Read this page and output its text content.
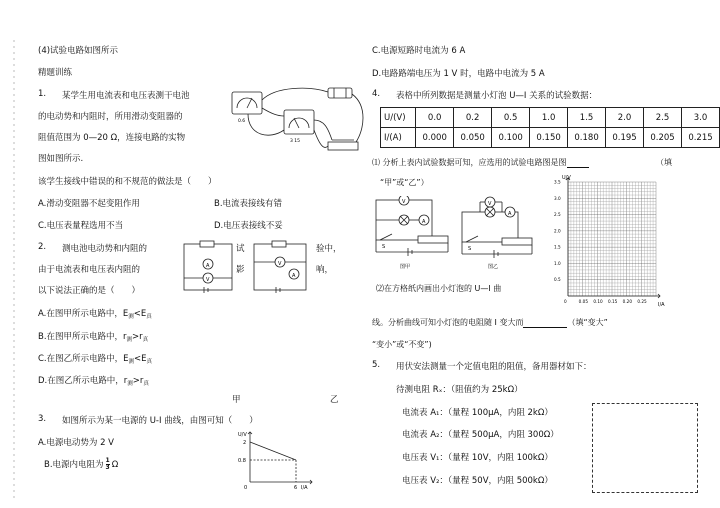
(4)试验电路如图所示
精题训练
1. 某学生用电流表和电压表测干电池
的电动势和内阻时，所用滑动变阻器的
阻值范围为 0—20 Ω，连接电路的实物
图如图所示.
0.6
3 15
该学生接线中错误的和不规范的做法是（　　）
A.滑动变阻器不起变阻作用	B.电流表接线有错
C.电压表量程选用不当	D.电压表接线不妥
2. 测电池电动势和内阻的	试	验中，
由于电流表和电压表内阻的	影	响，
以下说法正确的是（　　）
A
V
V
A
A.在图甲所示电路中，$E_测<E_真$
B.在图甲所示电路中，$r_测>r_真$
C.在图乙所示电路中，$E_测<E_真$
D.在图乙所示电路中，$r_测>r_真$
甲	乙
3. 如图所示为某一电源的 U-I 曲线，由图可知（　　）
A.电源电动势为 2 V
B.电源内电阻为 $\frac{1}{3}$ Ω
U/V
I/A
2
0.8
0	6
C.电源短路时电流为 6 A
D.电路路端电压为 1 V 时，电路中电流为 5 A
4. 表格中所列数据是测量小灯泡 U—I 关系的试验数据：
U/(V)	0.0	0.2	0.5	1.0	1.5	2.0	2.5	3.0
I/(A)	0.000	0.050	0.100	0.150	0.180	0.195	0.205	0.215
⑴ 分析上表内试验数据可知，应选用的试验电路图是图	（填
“甲”或“乙”）
V
A
S
图甲
V
A
S
图乙
0.5
1.0
1.5
2.0
2.5
3.0
3.5
0	0.05 0.10 0.15 0.20 0.25
U/V
I/A
⑵在方格纸内画出小灯泡的 U—I 曲
线。分析曲线可知小灯泡的电阻随 I 变大而	（填“变大”
“变小”或“不变”)
5. 用伏安法测量一个定值电阻的阻值，备用器材如下：
待测电阻 Rₓ：（阻值约为 25kΩ）
电流表 A₁：（量程 100μA，内阻 2kΩ）
电流表 A₂：（量程 500μA，内阻 300Ω）
电压表 V₁：（量程 10V，内阻 100kΩ）
电压表 V₂：（量程 50V，内阻 500kΩ）
